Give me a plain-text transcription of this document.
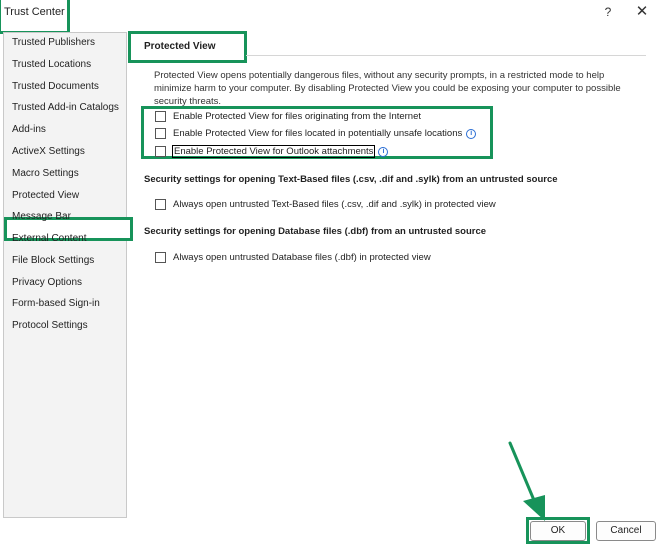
Trust Center	? ✕
Trusted Publishers
Trusted Locations
Trusted Documents
Trusted Add-in Catalogs
Add-ins
ActiveX Settings
Macro Settings
Protected View
Message Bar
External Content
File Block Settings
Privacy Options
Form-based Sign-in
Protocol Settings
Protected View
Protected View opens potentially dangerous files, without any security prompts, in a restricted mode to help minimize harm to your computer. By disabling Protected View you could be exposing your computer to possible security threats.
Enable Protected View for files originating from the Internet
Enable Protected View for files located in potentially unsafe locations	i
Enable Protected View for Outlook attachments	i
Security settings for opening Text-Based files (.csv, .dif and .sylk) from an untrusted source
Always open untrusted Text-Based files (.csv, .dif and .sylk) in protected view
Security settings for opening Database files (.dbf) from an untrusted source
Always open untrusted Database files (.dbf) in protected view
OK	Cancel
